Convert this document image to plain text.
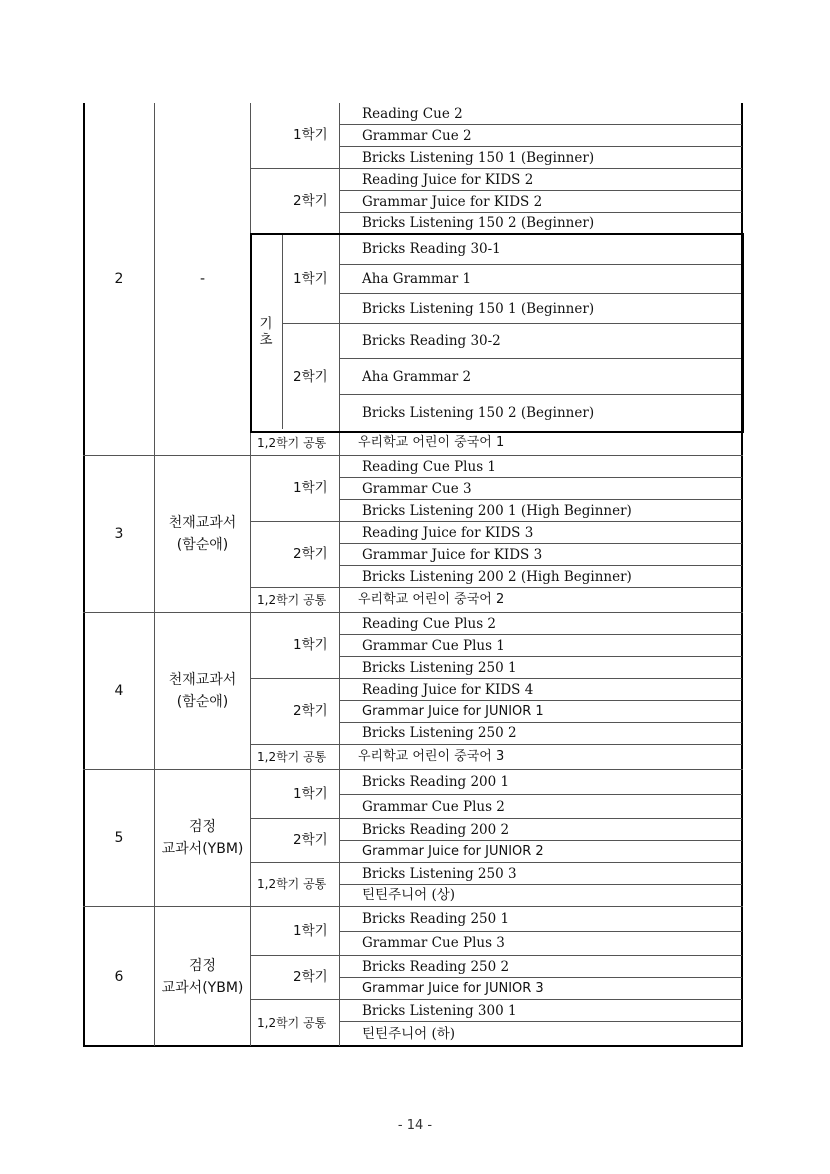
2
3
4
5
6
-
천재교과서
(함순애)
천재교과서
(함순애)
검정
교과서(YBM)
검정
교과서(YBM)
1학기
2학기
기초
1학기
2학기
1,2학기 공통
1학기
2학기
1,2학기 공통
1학기
2학기
1,2학기 공통
1학기
2학기
1,2학기 공통
1학기
2학기
1,2학기 공통
Reading Cue 2
Grammar Cue 2
Bricks Listening 150 1 (Beginner)
Reading Juice for KIDS 2
Grammar Juice for KIDS 2
Bricks Listening 150 2 (Beginner)
Bricks Reading 30-1
Aha Grammar 1
Bricks Listening 150 1 (Beginner)
Bricks Reading 30-2
Aha Grammar 2
Bricks Listening 150 2 (Beginner)
우리학교 어린이 중국어 1
Reading Cue Plus 1
Grammar Cue 3
Bricks Listening 200 1 (High Beginner)
Reading Juice for KIDS 3
Grammar Juice for KIDS 3
Bricks Listening 200 2 (High Beginner)
우리학교 어린이 중국어 2
Reading Cue Plus 2
Grammar Cue Plus 1
Bricks Listening 250 1
Reading Juice for KIDS 4
Grammar Juice for JUNIOR 1
Bricks Listening 250 2
우리학교 어린이 중국어 3
Bricks Reading 200 1
Grammar Cue Plus 2
Bricks Reading 200 2
Grammar Juice for JUNIOR 2
Bricks Listening 250 3
틴틴주니어 (상)
Bricks Reading 250 1
Grammar Cue Plus 3
Bricks Reading 250 2
Grammar Juice for JUNIOR 3
Bricks Listening 300 1
틴틴주니어 (하)
- 14 -
